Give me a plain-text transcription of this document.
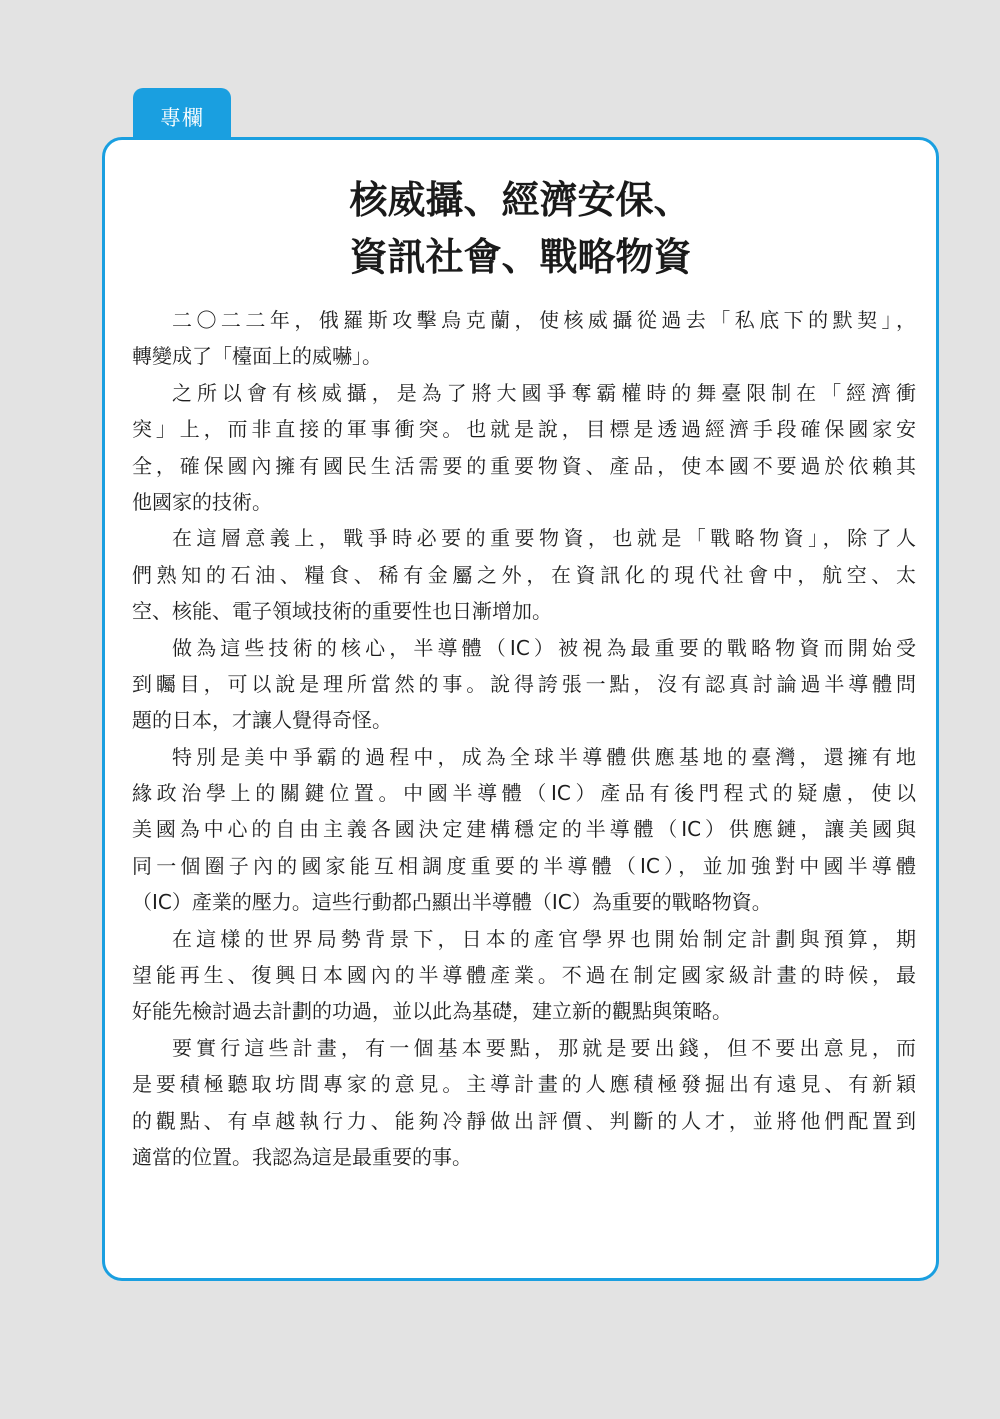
專欄
核威攝、經濟安保、
資訊社會、戰略物資
二〇二二年，俄羅斯攻擊烏克蘭，使核威攝從過去「私底下的默契」，
轉變成了「檯面上的威嚇」。
之所以會有核威攝，是為了將大國爭奪霸權時的舞臺限制在「經濟衝
突」上，而非直接的軍事衝突。也就是說，目標是透過經濟手段確保國家安
全，確保國內擁有國民生活需要的重要物資、產品，使本國不要過於依賴其
他國家的技術。
在這層意義上，戰爭時必要的重要物資，也就是「戰略物資」，除了人
們熟知的石油、糧食、稀有金屬之外，在資訊化的現代社會中，航空、太
空、核能、電子領域技術的重要性也日漸增加。
做為這些技術的核心，半導體（IC）被視為最重要的戰略物資而開始受
到矚目，可以說是理所當然的事。說得誇張一點，沒有認真討論過半導體問
題的日本，才讓人覺得奇怪。
特別是美中爭霸的過程中，成為全球半導體供應基地的臺灣，還擁有地
緣政治學上的關鍵位置。中國半導體（IC）產品有後門程式的疑慮，使以
美國為中心的自由主義各國決定建構穩定的半導體（IC）供應鏈，讓美國與
同一個圈子內的國家能互相調度重要的半導體（IC），並加強對中國半導體
（IC）產業的壓力。這些行動都凸顯出半導體（IC）為重要的戰略物資。
在這樣的世界局勢背景下，日本的產官學界也開始制定計劃與預算，期
望能再生、復興日本國內的半導體產業。不過在制定國家級計畫的時候，最
好能先檢討過去計劃的功過，並以此為基礎，建立新的觀點與策略。
要實行這些計畫，有一個基本要點，那就是要出錢，但不要出意見，而
是要積極聽取坊間專家的意見。主導計畫的人應積極發掘出有遠見、有新穎
的觀點、有卓越執行力、能夠冷靜做出評價、判斷的人才，並將他們配置到
適當的位置。我認為這是最重要的事。
